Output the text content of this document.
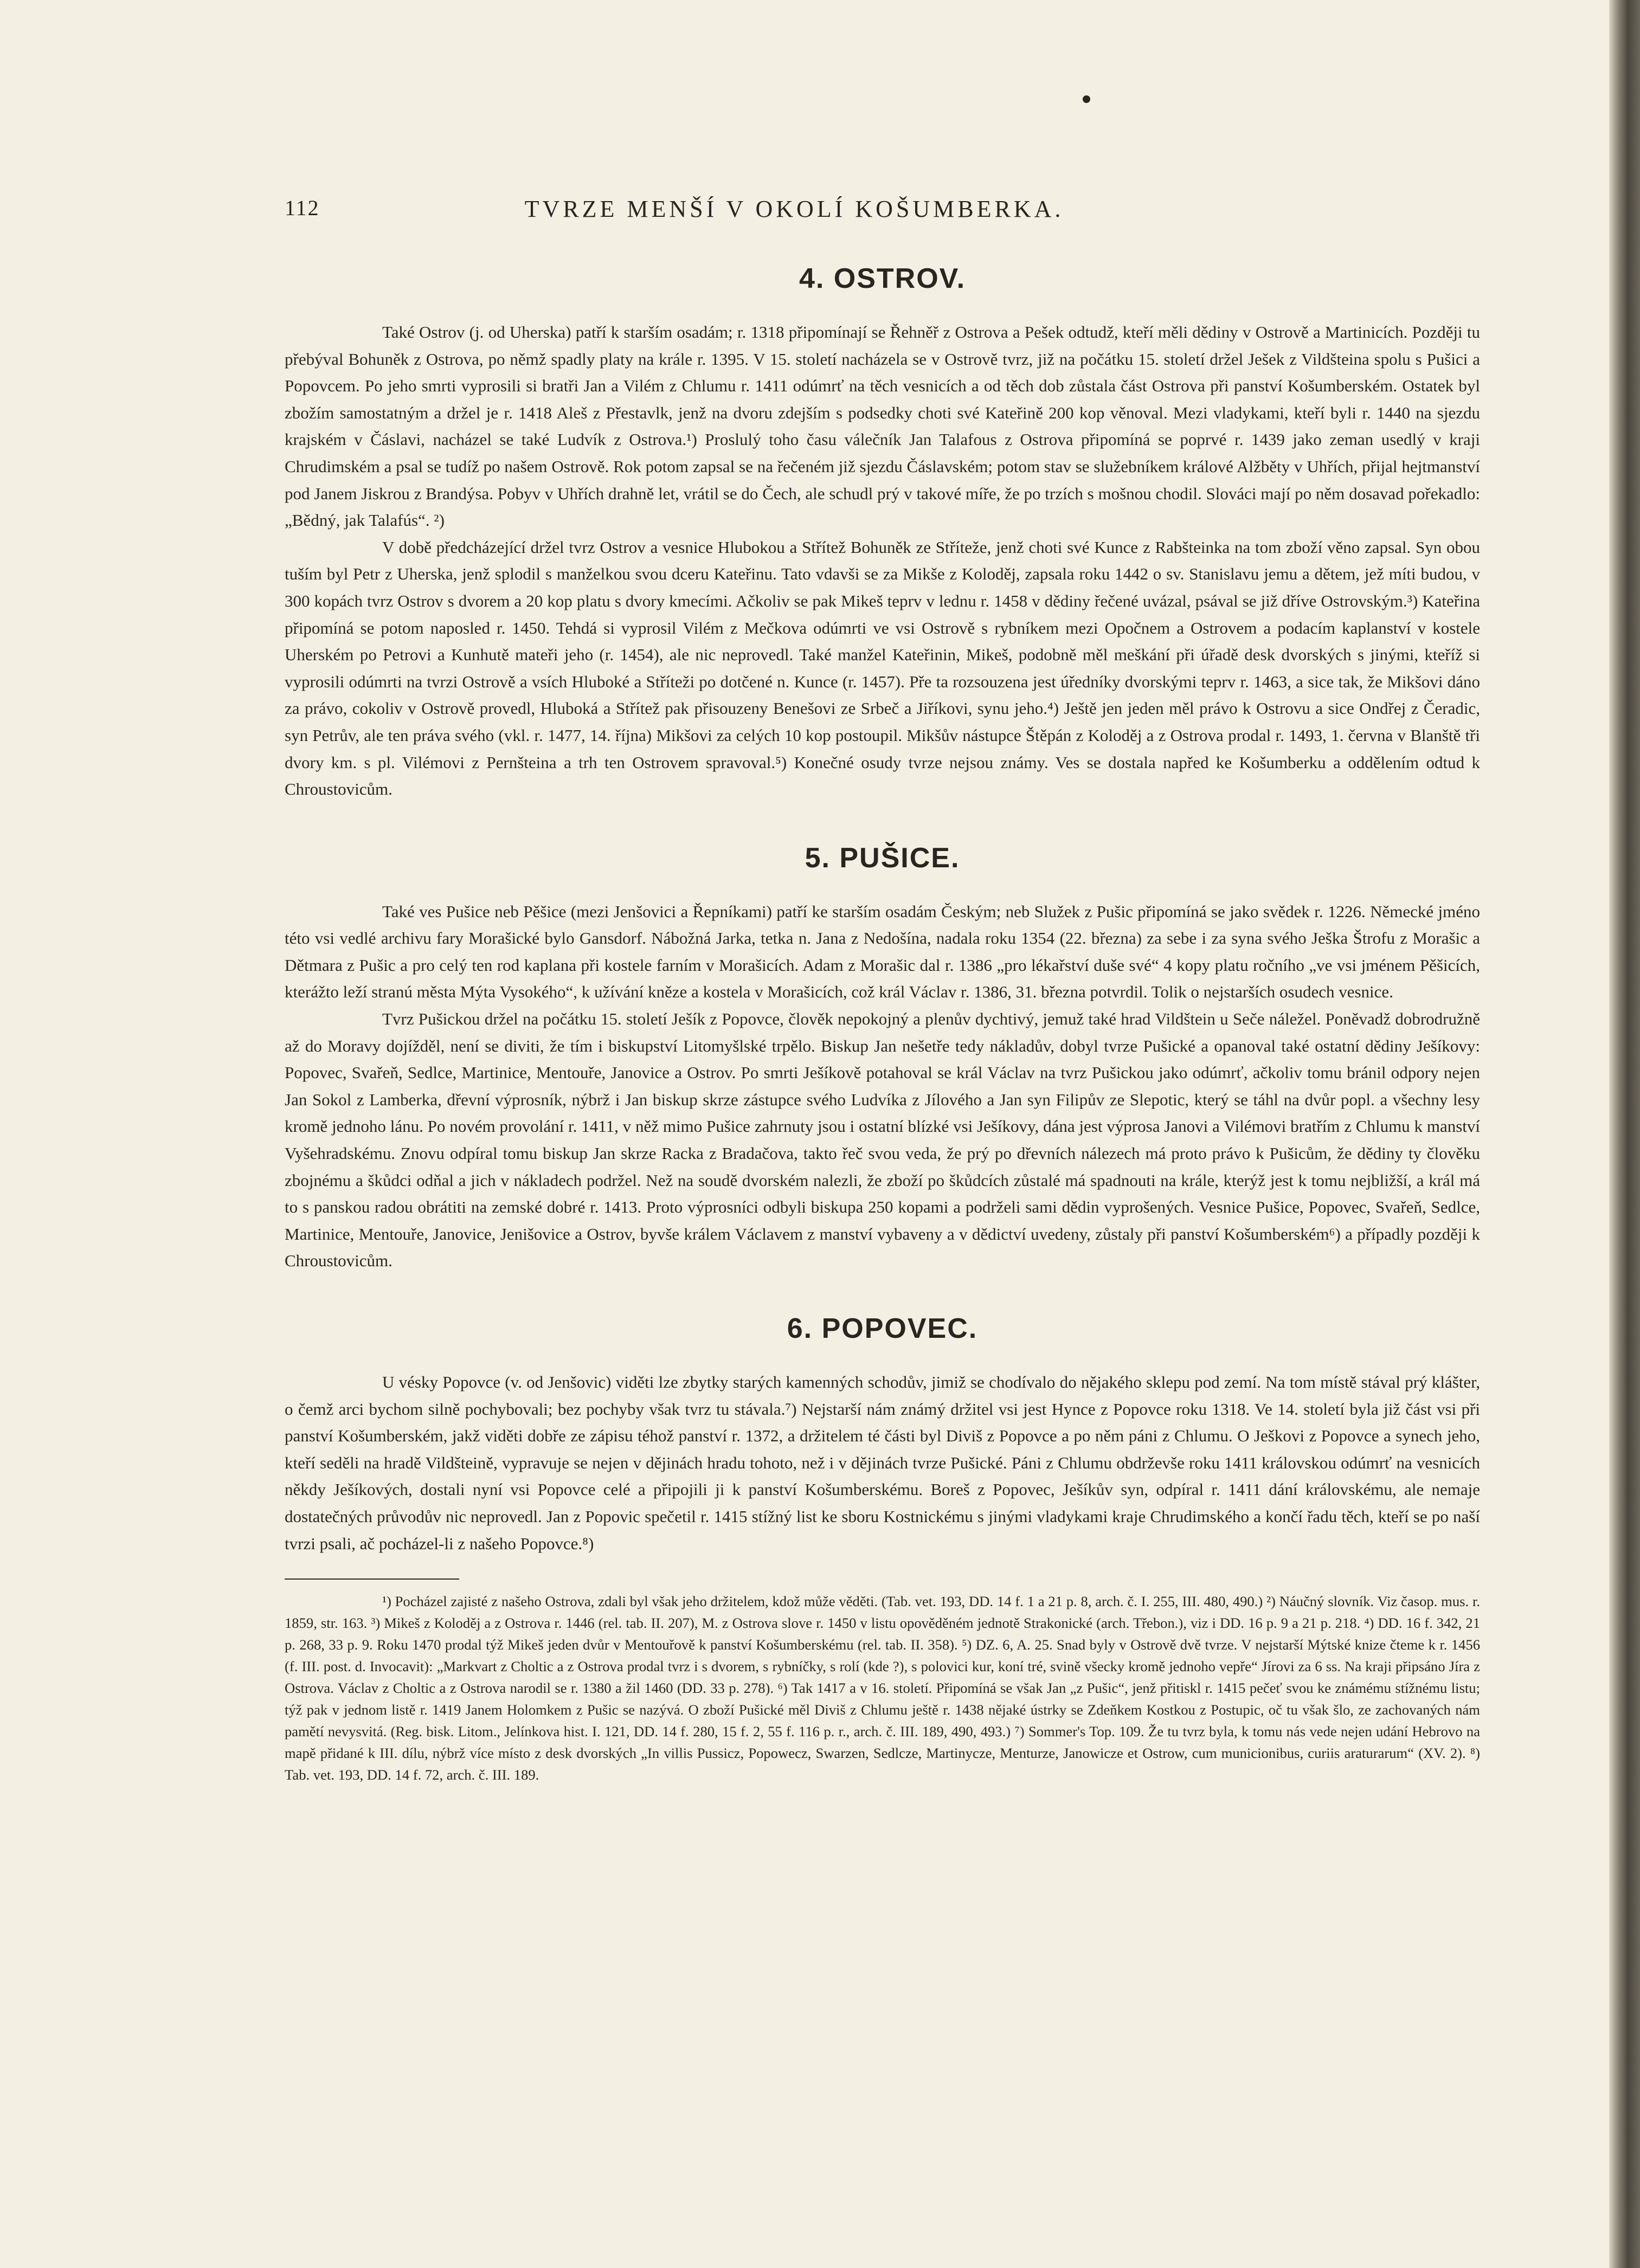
112	TVRZE MENŠÍ V OKOLÍ KOŠUMBERKA.
4. OSTROV.

Také Ostrov (j. od Uherska) patří k starším osadám; r. 1318 připomínají se Řehněř z Ostrova a Pešek odtudž, kteří měli dědiny v Ostrově a Martinicích. Později tu přebýval Bohuněk z Ostrova, po němž spadly platy na krále r. 1395. V 15. století nacházela se v Ostrově tvrz, již na počátku 15. století držel Ješek z Vildšteina spolu s Pušici a Popovcem. Po jeho smrti vyprosili si bratři Jan a Vilém z Chlumu r. 1411 odúmrť na těch vesnicích a od těch dob zůstala část Ostrova při panství Košumberském. Ostatek byl zbožím samostatným a držel je r. 1418 Aleš z Přestavlk, jenž na dvoru zdejším s podsedky choti své Kateřině 200 kop věnoval. Mezi vladykami, kteří byli r. 1440 na sjezdu krajském v Čáslavi, nacházel se také Ludvík z Ostrova.¹) Proslulý toho času válečník Jan Talafous z Ostrova připomíná se poprvé r. 1439 jako zeman usedlý v kraji Chrudimském a psal se tudíž po našem Ostrově. Rok potom zapsal se na řečeném již sjezdu Čáslavském; potom stav se služebníkem králové Alžběty v Uhřích, přijal hejtmanství pod Janem Jiskrou z Brandýsa. Pobyv v Uhřích drahně let, vrátil se do Čech, ale schudl prý v takové míře, že po trzích s mošnou chodil. Slováci mají po něm dosavad pořekadlo: „Bědný, jak Talafús“. ²)

V době předcházející držel tvrz Ostrov a vesnice Hlubokou a Střítež Bohuněk ze Stříteže, jenž choti své Kunce z Rabšteinka na tom zboží věno zapsal. Syn obou tuším byl Petr z Uherska, jenž splodil s manželkou svou dceru Kateřinu. Tato vdavši se za Mikše z Koloděj, zapsala roku 1442 o sv. Stanislavu jemu a dětem, jež míti budou, v 300 kopách tvrz Ostrov s dvorem a 20 kop platu s dvory kmecími. Ačkoliv se pak Mikeš teprv v lednu r. 1458 v dědiny řečené uvázal, psával se již dříve Ostrovským.³) Kateřina připomíná se potom naposled r. 1450. Tehdá si vyprosil Vilém z Mečkova odúmrti ve vsi Ostrově s rybníkem mezi Opočnem a Ostrovem a podacím kaplanství v kostele Uherském po Petrovi a Kunhutě mateři jeho (r. 1454), ale nic neprovedl. Také manžel Kateřinin, Mikeš, podobně měl meškání při úřadě desk dvorských s jinými, kteříž si vyprosili odúmrti na tvrzi Ostrově a vsích Hluboké a Stříteži po dotčené n. Kunce (r. 1457). Pře ta rozsouzena jest úředníky dvorskými teprv r. 1463, a sice tak, že Mikšovi dáno za právo, cokoliv v Ostrově provedl, Hluboká a Střítež pak přisouzeny Benešovi ze Srbeč a Jiříkovi, synu jeho.⁴) Ještě jen jeden měl právo k Ostrovu a sice Ondřej z Čeradic, syn Petrův, ale ten práva svého (vkl. r. 1477, 14. října) Mikšovi za celých 10 kop postoupil. Mikšův nástupce Štěpán z Koloděj a z Ostrova prodal r. 1493, 1. června v Blanště tři dvory km. s pl. Vilémovi z Pernšteina a trh ten Ostrovem spravoval.⁵) Konečné osudy tvrze nejsou známy. Ves se dostala napřed ke Košumberku a oddělením odtud k Chroustovicům.

5. PUŠICE.

Také ves Pušice neb Pěšice (mezi Jenšovici a Řepníkami) patří ke starším osadám Českým; neb Služek z Pušic připomíná se jako svědek r. 1226. Německé jméno této vsi vedlé archivu fary Morašické bylo Gansdorf. Nábožná Jarka, tetka n. Jana z Nedošína, nadala roku 1354 (22. března) za sebe i za syna svého Ješka Štrofu z Morašic a Dětmara z Pušic a pro celý ten rod kaplana při kostele farním v Morašicích. Adam z Morašic dal r. 1386 „pro lékařství duše své“ 4 kopy platu ročního „ve vsi jménem Pěšicích, kterážto leží stranú města Mýta Vysokého“, k užívání kněze a kostela v Morašicích, což král Václav r. 1386, 31. března potvrdil. Tolik o nejstarších osudech vesnice.

Tvrz Pušickou držel na počátku 15. století Ješík z Popovce, člověk nepokojný a plenův dychtivý, jemuž také hrad Vildštein u Seče náležel. Poněvadž dobrodružně až do Moravy dojížděl, není se diviti, že tím i biskupství Litomyšlské trpělo. Biskup Jan nešetře tedy nákladův, dobyl tvrze Pušické a opanoval také ostatní dědiny Ješíkovy: Popovec, Svařeň, Sedlce, Martinice, Mentouře, Janovice a Ostrov. Po smrti Ješíkově potahoval se král Václav na tvrz Pušickou jako odúmrť, ačkoliv tomu bránil odpory nejen Jan Sokol z Lamberka, dřevní výprosník, nýbrž i Jan biskup skrze zástupce svého Ludvíka z Jílového a Jan syn Filipův ze Slepotic, který se táhl na dvůr popl. a všechny lesy kromě jednoho lánu. Po novém provolání r. 1411, v něž mimo Pušice zahrnuty jsou i ostatní blízké vsi Ješíkovy, dána jest výprosa Janovi a Vilémovi bratřím z Chlumu k manství Vyšehradskému. Znovu odpíral tomu biskup Jan skrze Racka z Bradačova, takto řeč svou veda, že prý po dřevních nálezech má proto právo k Pušicům, že dědiny ty člověku zbojnému a škůdci odňal a jich v nákladech podržel. Než na soudě dvorském nalezli, že zboží po škůdcích zůstalé má spadnouti na krále, kterýž jest k tomu nejbližší, a král má to s panskou radou obrátiti na zemské dobré r. 1413. Proto výprosníci odbyli biskupa 250 kopami a podrželi sami dědin vyprošených. Vesnice Pušice, Popovec, Svařeň, Sedlce, Martinice, Mentouře, Janovice, Jenišovice a Ostrov, byvše králem Václavem z manství vybaveny a v dědictví uvedeny, zůstaly při panství Košumberském⁶) a případly později k Chroustovicům.

6. POPOVEC.

U vésky Popovce (v. od Jenšovic) viděti lze zbytky starých kamenných schodův, jimiž se chodívalo do nějakého sklepu pod zemí. Na tom místě stával prý klášter, o čemž arci bychom silně pochybovali; bez pochyby však tvrz tu stávala.⁷) Nejstarší nám známý držitel vsi jest Hynce z Popovce roku 1318. Ve 14. století byla již část vsi při panství Košumberském, jakž viděti dobře ze zápisu téhož panství r. 1372, a držitelem té části byl Diviš z Popovce a po něm páni z Chlumu. O Ješkovi z Popovce a synech jeho, kteří seděli na hradě Vildšteině, vypravuje se nejen v dějinách hradu tohoto, než i v dějinách tvrze Pušické. Páni z Chlumu obdrževše roku 1411 královskou odúmrť na vesnicích někdy Ješíkových, dostali nyní vsi Popovce celé a připojili ji k panství Košumberskému. Boreš z Popovec, Ješíkův syn, odpíral r. 1411 dání královskému, ale nemaje dostatečných průvodův nic neprovedl. Jan z Popovic spečetil r. 1415 stížný list ke sboru Kostnickému s jinými vladykami kraje Chrudimského a končí řadu těch, kteří se po naší tvrzi psali, ač pocházel-li z našeho Popovce.⁸)

¹) Pocházel zajisté z našeho Ostrova, zdali byl však jeho držitelem, kdož může věděti. (Tab. vet. 193, DD. 14 f. 1 a 21 p. 8, arch. č. I. 255, III. 480, 490.) ²) Náučný slovník. Viz časop. mus. r. 1859, str. 163. ³) Mikeš z Koloděj a z Ostrova r. 1446 (rel. tab. II. 207), M. z Ostrova slove r. 1450 v listu opověděném jednotě Strakonické (arch. Třebon.), viz i DD. 16 p. 9 a 21 p. 218. ⁴) DD. 16 f. 342, 21 p. 268, 33 p. 9. Roku 1470 prodal týž Mikeš jeden dvůr v Mentouřově k panství Košumberskému (rel. tab. II. 358). ⁵) DZ. 6, A. 25. Snad byly v Ostrově dvě tvrze. V nejstarší Mýtské knize čteme k r. 1456 (f. III. post. d. Invocavit): „Markvart z Choltic a z Ostrova prodal tvrz i s dvorem, s rybníčky, s rolí (kde ?), s polovici kur, koní tré, svině všecky kromě jednoho vepře“ Jírovi za 6 ss. Na kraji připsáno Jíra z Ostrova. Václav z Choltic a z Ostrova narodil se r. 1380 a žil 1460 (DD. 33 p. 278). ⁶) Tak 1417 a v 16. století. Připomíná se však Jan „z Pušic“, jenž přitiskl r. 1415 pečeť svou ke známému stížnému listu; týž pak v jednom listě r. 1419 Janem Holomkem z Pušic se nazývá. O zboží Pušické měl Diviš z Chlumu ještě r. 1438 nějaké ústrky se Zdeňkem Kostkou z Postupic, oč tu však šlo, ze zachovaných nám pamětí nevysvitá. (Reg. bisk. Litom., Jelínkova hist. I. 121, DD. 14 f. 280, 15 f. 2, 55 f. 116 p. r., arch. č. III. 189, 490, 493.) ⁷) Sommer's Top. 109. Že tu tvrz byla, k tomu nás vede nejen udání Hebrovo na mapě přidané k III. dílu, nýbrž více místo z desk dvorských „In villis Pussicz, Popowecz, Swarzen, Sedlcze, Martinycze, Menturze, Janowicze et Ostrow, cum municionibus, curiis araturarum“ (XV. 2). ⁸) Tab. vet. 193, DD. 14 f. 72, arch. č. III. 189.
